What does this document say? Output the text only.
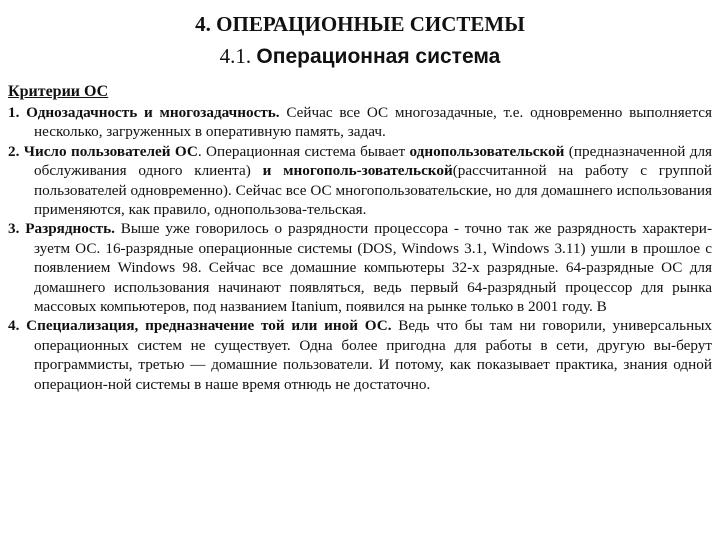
4. ОПЕРАЦИОННЫЕ СИСТЕМЫ
4.1. Операционная система
Критерии ОС

1. Однозадачность и многозадачность. Сейчас все ОС многозадачные, т.е. одновременно выполняется несколько, загруженных в оперативную память, задач.

2. Число пользователей ОС. Операционная система бывает однопользовательской (предназначенной для обслуживания одного клиента) и многополь-зовательской(рассчитанной на работу с группой пользователей одновременно). Сейчас все ОС многопользовательские, но для домашнего использования применяются, как правило, однопользова-тельская.

3. Разрядность. Выше уже говорилось о разрядности процессора - точно так же разрядность характери-зуетм ОС. 16-разрядные операционные системы (DOS, Windows 3.1, Windows 3.11) ушли в прошлое с появлением Windows 98. Сейчас все домашние компьютеры 32-х разрядные. 64-разрядные ОС для домашнего использования начинают появляться, ведь первый 64-разрядный процессор для рынка массовых компьютеров, под названием Itanium, появился на рынке только в 2001 году. В

4. Специализация, предназначение той или иной ОС. Ведь что бы там ни говорили, универсальных операционных систем не существует. Одна более пригодна для работы в сети, другую вы-берут программисты, третью — домашние пользователи. И потому, как показывает практика, знания одной операцион-ной системы в наше время отнюдь не достаточно.
